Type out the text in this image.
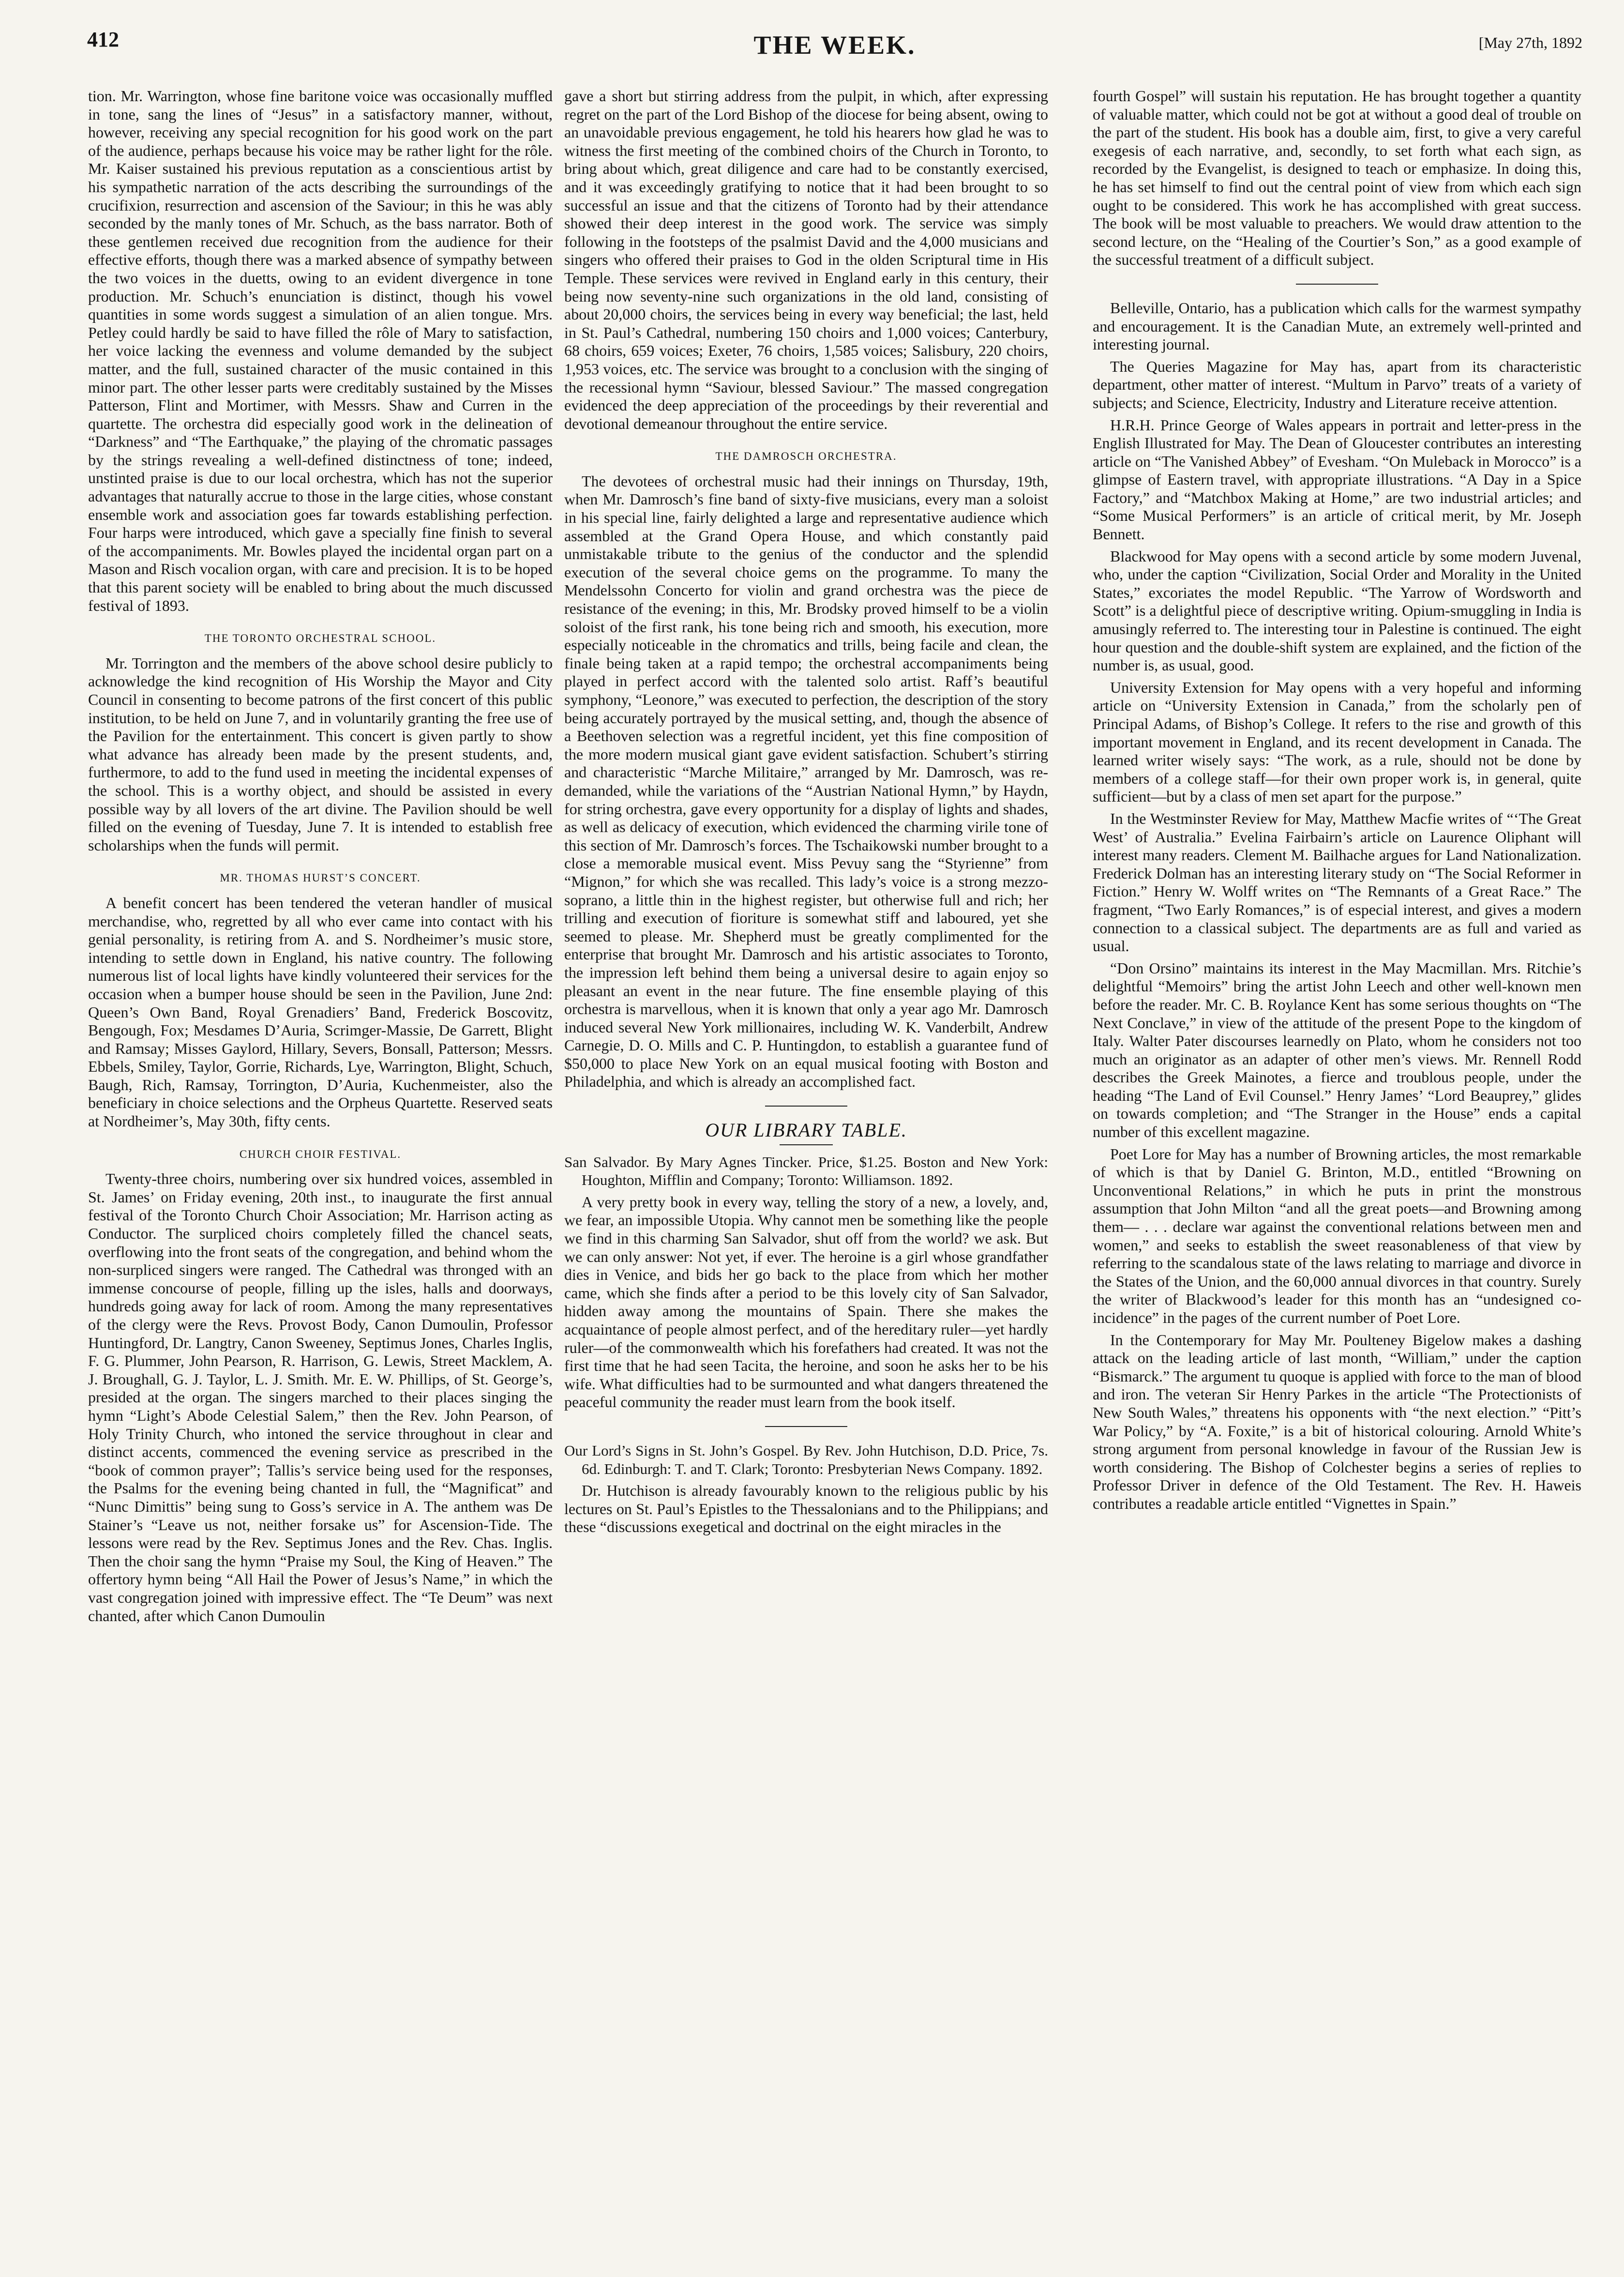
412	THE WEEK.	[May 27th, 1892

tion. Mr. Warrington, whose fine baritone voice was occasionally muffled in tone, sang the lines of “Jesus” in a satisfactory manner, without, however, receiving any special recognition for his good work on the part of the audience, perhaps because his voice may be rather light for the rôle. Mr. Kaiser sustained his previous reputation as a conscientious artist by his sympathetic narration of the acts describing the surroundings of the crucifixion, resurrection and ascension of the Saviour; in this he was ably seconded by the manly tones of Mr. Schuch, as the bass narrator. Both of these gentlemen received due recognition from the audience for their effective efforts, though there was a marked absence of sympathy between the two voices in the duetts, owing to an evident divergence in tone production. Mr. Schuch’s enunciation is distinct, though his vowel quantities in some words suggest a simulation of an alien tongue. Mrs. Petley could hardly be said to have filled the rôle of Mary to satisfaction, her voice lacking the evenness and volume demanded by the subject matter, and the full, sustained character of the music contained in this minor part. The other lesser parts were creditably sustained by the Misses Patterson, Flint and Mortimer, with Messrs. Shaw and Curren in the quartette. The orchestra did especially good work in the delineation of “Darkness” and “The Earthquake,” the playing of the chromatic passages by the strings revealing a well-defined distinctness of tone; indeed, unstinted praise is due to our local orchestra, which has not the superior advantages that naturally accrue to those in the large cities, whose constant ensemble work and association goes far towards establishing perfection. Four harps were introduced, which gave a specially fine finish to several of the accompaniments. Mr. Bowles played the incidental organ part on a Mason and Risch vocalion organ, with care and precision. It is to be hoped that this parent society will be enabled to bring about the much discussed festival of 1893.

THE TORONTO ORCHESTRAL SCHOOL.

Mr. Torrington and the members of the above school desire publicly to acknowledge the kind recognition of His Worship the Mayor and City Council in consenting to become patrons of the first concert of this public institution, to be held on June 7, and in voluntarily granting the free use of the Pavilion for the entertainment. This concert is given partly to show what advance has already been made by the present students, and, furthermore, to add to the fund used in meeting the incidental expenses of the school. This is a worthy object, and should be assisted in every possible way by all lovers of the art divine. The Pavilion should be well filled on the evening of Tuesday, June 7. It is intended to establish free scholarships when the funds will permit.

MR. THOMAS HURST’S CONCERT.

A benefit concert has been tendered the veteran handler of musical merchandise, who, regretted by all who ever came into contact with his genial personality, is retiring from A. and S. Nordheimer’s music store, intending to settle down in England, his native country. The following numerous list of local lights have kindly volunteered their services for the occasion when a bumper house should be seen in the Pavilion, June 2nd: Queen’s Own Band, Royal Grenadiers’ Band, Frederick Boscovitz, Bengough, Fox; Mesdames D’Auria, Scrimger-Massie, De Garrett, Blight and Ramsay; Misses Gaylord, Hillary, Severs, Bonsall, Patterson; Messrs. Ebbels, Smiley, Taylor, Gorrie, Richards, Lye, Warrington, Blight, Schuch, Baugh, Rich, Ramsay, Torrington, D’Auria, Kuchenmeister, also the beneficiary in choice selections and the Orpheus Quartette. Reserved seats at Nordheimer’s, May 30th, fifty cents.

CHURCH CHOIR FESTIVAL.

Twenty-three choirs, numbering over six hundred voices, assembled in St. James’ on Friday evening, 20th inst., to inaugurate the first annual festival of the Toronto Church Choir Association; Mr. Harrison acting as Conductor. The surpliced choirs completely filled the chancel seats, overflowing into the front seats of the congregation, and behind whom the non-surpliced singers were ranged. The Cathedral was thronged with an immense concourse of people, filling up the isles, halls and doorways, hundreds going away for lack of room. Among the many representatives of the clergy were the Revs. Provost Body, Canon Dumoulin, Professor Huntingford, Dr. Langtry, Canon Sweeney, Septimus Jones, Charles Inglis, F. G. Plummer, John Pearson, R. Harrison, G. Lewis, Street Macklem, A. J. Broughall, G. J. Taylor, L. J. Smith. Mr. E. W. Phillips, of St. George’s, presided at the organ. The singers marched to their places singing the hymn “Light’s Abode Celestial Salem,” then the Rev. John Pearson, of Holy Trinity Church, who intoned the service throughout in clear and distinct accents, commenced the evening service as prescribed in the “book of common prayer”; Tallis’s service being used for the responses, the Psalms for the evening being chanted in full, the “Magnificat” and “Nunc Dimittis” being sung to Goss’s service in A. The anthem was De Stainer’s “Leave us not, neither forsake us” for Ascension-Tide. The lessons were read by the Rev. Septimus Jones and the Rev. Chas. Inglis. Then the choir sang the hymn “Praise my Soul, the King of Heaven.” The offertory hymn being “All Hail the Power of Jesus’s Name,” in which the vast congregation joined with impressive effect. The “Te Deum” was next chanted, after which Canon Dumoulin

gave a short but stirring address from the pulpit, in which, after expressing regret on the part of the Lord Bishop of the diocese for being absent, owing to an unavoidable previous engagement, he told his hearers how glad he was to witness the first meeting of the combined choirs of the Church in Toronto, to bring about which, great diligence and care had to be constantly exercised, and it was exceedingly gratifying to notice that it had been brought to so successful an issue and that the citizens of Toronto had by their attendance showed their deep interest in the good work. The service was simply following in the footsteps of the psalmist David and the 4,000 musicians and singers who offered their praises to God in the olden Scriptural time in His Temple. These services were revived in England early in this century, their being now seventy-nine such organizations in the old land, consisting of about 20,000 choirs, the services being in every way beneficial; the last, held in St. Paul’s Cathedral, numbering 150 choirs and 1,000 voices; Canterbury, 68 choirs, 659 voices; Exeter, 76 choirs, 1,585 voices; Salisbury, 220 choirs, 1,953 voices, etc. The service was brought to a conclusion with the singing of the recessional hymn “Saviour, blessed Saviour.” The massed congregation evidenced the deep appreciation of the proceedings by their reverential and devotional demeanour throughout the entire service.

THE DAMROSCH ORCHESTRA.

The devotees of orchestral music had their innings on Thursday, 19th, when Mr. Damrosch’s fine band of sixty-five musicians, every man a soloist in his special line, fairly delighted a large and representative audience which assembled at the Grand Opera House, and which constantly paid unmistakable tribute to the genius of the conductor and the splendid execution of the several choice gems on the programme. To many the Mendelssohn Concerto for violin and grand orchestra was the piece de resistance of the evening; in this, Mr. Brodsky proved himself to be a violin soloist of the first rank, his tone being rich and smooth, his execution, more especially noticeable in the chromatics and trills, being facile and clean, the finale being taken at a rapid tempo; the orchestral accompaniments being played in perfect accord with the talented solo artist. Raff’s beautiful symphony, “Leonore,” was executed to perfection, the description of the story being accurately portrayed by the musical setting, and, though the absence of a Beethoven selection was a regretful incident, yet this fine composition of the more modern musical giant gave evident satisfaction. Schubert’s stirring and characteristic “Marche Militaire,” arranged by Mr. Damrosch, was re-demanded, while the variations of the “Austrian National Hymn,” by Haydn, for string orchestra, gave every opportunity for a display of lights and shades, as well as delicacy of execution, which evidenced the charming virile tone of this section of Mr. Damrosch’s forces. The Tschaikowski number brought to a close a memorable musical event. Miss Pevuy sang the “Styrienne” from “Mignon,” for which she was recalled. This lady’s voice is a strong mezzo-soprano, a little thin in the highest register, but otherwise full and rich; her trilling and execution of fioriture is somewhat stiff and laboured, yet she seemed to please. Mr. Shepherd must be greatly complimented for the enterprise that brought Mr. Damrosch and his artistic associates to Toronto, the impression left behind them being a universal desire to again enjoy so pleasant an event in the near future. The fine ensemble playing of this orchestra is marvellous, when it is known that only a year ago Mr. Damrosch induced several New York millionaires, including W. K. Vanderbilt, Andrew Carnegie, D. O. Mills and C. P. Huntingdon, to establish a guarantee fund of $50,000 to place New York on an equal musical footing with Boston and Philadelphia, and which is already an accomplished fact.

OUR LIBRARY TABLE.

San Salvador. By Mary Agnes Tincker. Price, $1.25. Boston and New York: Houghton, Mifflin and Company; Toronto: Williamson. 1892.

A very pretty book in every way, telling the story of a new, a lovely, and, we fear, an impossible Utopia. Why cannot men be something like the people we find in this charming San Salvador, shut off from the world? we ask. But we can only answer: Not yet, if ever. The heroine is a girl whose grandfather dies in Venice, and bids her go back to the place from which her mother came, which she finds after a period to be this lovely city of San Salvador, hidden away among the mountains of Spain. There she makes the acquaintance of people almost perfect, and of the hereditary ruler—yet hardly ruler—of the commonwealth which his forefathers had created. It was not the first time that he had seen Tacita, the heroine, and soon he asks her to be his wife. What difficulties had to be surmounted and what dangers threatened the peaceful community the reader must learn from the book itself.

Our Lord’s Signs in St. John’s Gospel. By Rev. John Hutchison, D.D. Price, 7s. 6d. Edinburgh: T. and T. Clark; Toronto: Presbyterian News Company. 1892.

Dr. Hutchison is already favourably known to the religious public by his lectures on St. Paul’s Epistles to the Thessalonians and to the Philippians; and these “discussions exegetical and doctrinal on the eight miracles in the

fourth Gospel” will sustain his reputation. He has brought together a quantity of valuable matter, which could not be got at without a good deal of trouble on the part of the student. His book has a double aim, first, to give a very careful exegesis of each narrative, and, secondly, to set forth what each sign, as recorded by the Evangelist, is designed to teach or emphasize. In doing this, he has set himself to find out the central point of view from which each sign ought to be considered. This work he has accomplished with great success. The book will be most valuable to preachers. We would draw attention to the second lecture, on the “Healing of the Courtier’s Son,” as a good example of the successful treatment of a difficult subject.

Belleville, Ontario, has a publication which calls for the warmest sympathy and encouragement. It is the Canadian Mute, an extremely well-printed and interesting journal.

The Queries Magazine for May has, apart from its characteristic department, other matter of interest. “Multum in Parvo” treats of a variety of subjects; and Science, Electricity, Industry and Literature receive attention.

H.R.H. Prince George of Wales appears in portrait and letter-press in the English Illustrated for May. The Dean of Gloucester contributes an interesting article on “The Vanished Abbey” of Evesham. “On Muleback in Morocco” is a glimpse of Eastern travel, with appropriate illustrations. “A Day in a Spice Factory,” and “Matchbox Making at Home,” are two industrial articles; and “Some Musical Performers” is an article of critical merit, by Mr. Joseph Bennett.

Blackwood for May opens with a second article by some modern Juvenal, who, under the caption “Civilization, Social Order and Morality in the United States,” excoriates the model Republic. “The Yarrow of Wordsworth and Scott” is a delightful piece of descriptive writing. Opium-smuggling in India is amusingly referred to. The interesting tour in Palestine is continued. The eight hour question and the double-shift system are explained, and the fiction of the number is, as usual, good.

University Extension for May opens with a very hopeful and informing article on “University Extension in Canada,” from the scholarly pen of Principal Adams, of Bishop’s College. It refers to the rise and growth of this important movement in England, and its recent development in Canada. The learned writer wisely says: “The work, as a rule, should not be done by members of a college staff—for their own proper work is, in general, quite sufficient—but by a class of men set apart for the purpose.”

In the Westminster Review for May, Matthew Macfie writes of “‘The Great West’ of Australia.” Evelina Fairbairn’s article on Laurence Oliphant will interest many readers. Clement M. Bailhache argues for Land Nationalization. Frederick Dolman has an interesting literary study on “The Social Reformer in Fiction.” Henry W. Wolff writes on “The Remnants of a Great Race.” The fragment, “Two Early Romances,” is of especial interest, and gives a modern connection to a classical subject. The departments are as full and varied as usual.

“Don Orsino” maintains its interest in the May Macmillan. Mrs. Ritchie’s delightful “Memoirs” bring the artist John Leech and other well-known men before the reader. Mr. C. B. Roylance Kent has some serious thoughts on “The Next Conclave,” in view of the attitude of the present Pope to the kingdom of Italy. Walter Pater discourses learnedly on Plato, whom he considers not too much an originator as an adapter of other men’s views. Mr. Rennell Rodd describes the Greek Mainotes, a fierce and troublous people, under the heading “The Land of Evil Counsel.” Henry James’ “Lord Beauprey,” glides on towards completion; and “The Stranger in the House” ends a capital number of this excellent magazine.

Poet Lore for May has a number of Browning articles, the most remarkable of which is that by Daniel G. Brinton, M.D., entitled “Browning on Unconventional Relations,” in which he puts in print the monstrous assumption that John Milton “and all the great poets—and Browning among them— . . . declare war against the conventional relations between men and women,” and seeks to establish the sweet reasonableness of that view by referring to the scandalous state of the laws relating to marriage and divorce in the States of the Union, and the 60,000 annual divorces in that country. Surely the writer of Blackwood’s leader for this month has an “undesigned co-incidence” in the pages of the current number of Poet Lore.

In the Contemporary for May Mr. Poulteney Bigelow makes a dashing attack on the leading article of last month, “William,” under the caption “Bismarck.” The argument tu quoque is applied with force to the man of blood and iron. The veteran Sir Henry Parkes in the article “The Protectionists of New South Wales,” threatens his opponents with “the next election.” “Pitt’s War Policy,” by “A. Foxite,” is a bit of historical colouring. Arnold White’s strong argument from personal knowledge in favour of the Russian Jew is worth considering. The Bishop of Colchester begins a series of replies to Professor Driver in defence of the Old Testament. The Rev. H. Haweis contributes a readable article entitled “Vignettes in Spain.”
